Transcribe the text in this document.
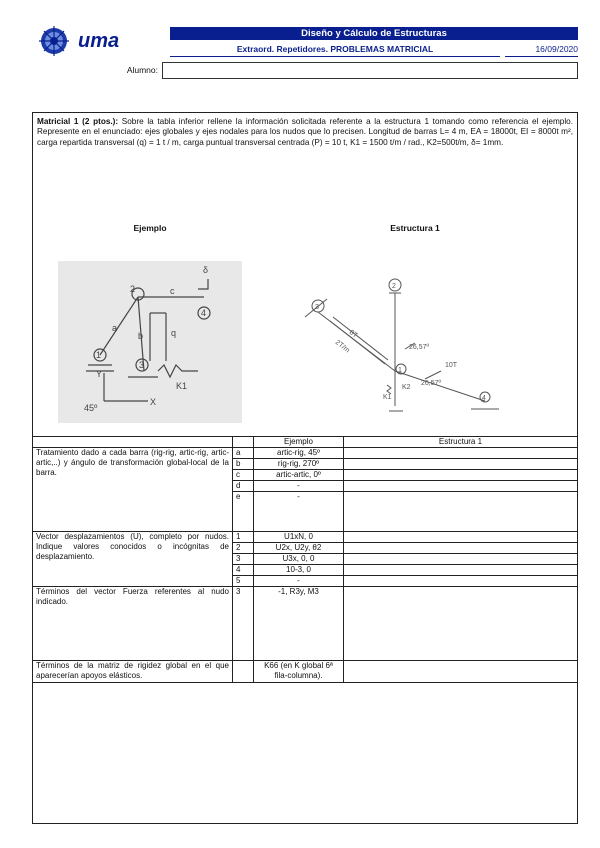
uma	Diseño y Cálculo de Estructuras
Extraord. Repetidores. PROBLEMAS MATRICIAL	16/09/2020
Alumno:
Matricial 1 (2 ptos.): Sobre la tabla inferior rellene la información solicitada referente a la estructura 1 tomando como referencia el ejemplo. Represente en el enunciado: ejes globales y ejes nodales para los nudos que lo precisen. Longitud de barras L= 4 m, EA = 18000t, EI = 8000t m², carga repartida transversal (q) = 1 t / m, carga puntual transversal centrada (P) = 10 t, K1 = 1500 t/m / rad., K2=500t/m, δ= 1mm.
Ejemplo	Estructura 1
2	c
δ
4
a
b	q
1
3
K1
45º
Y
X
2
3
1
4
26,57º
10T
26,57º
8T
2T/m
K1
K2
		Ejemplo	Estructura 1
Tratamiento dado a cada barra (rig-rig, artic-rig, artic-artic,..) y ángulo de transformación global-local de la barra.	a	artic-rig, 45º	
	b	rig-rig, 270º	
	c	artic-artic, 0º	
	d	-	
	e	-	
Vector desplazamientos (U), completo por nudos. Indique valores conocidos o incógnitas de desplazamiento.	1	U1xN, 0	
	2	U2x, U2y, θ2	
	3	U3x, 0, 0	
	4	10-3, 0	
	5	-	
Términos del vector Fuerza referentes al nudo indicado.	3	-1, R3y, M3	
Términos de la matriz de rigidez global en el que aparecerían apoyos elásticos.		K66 (en K global 6ª fila-columna).	
